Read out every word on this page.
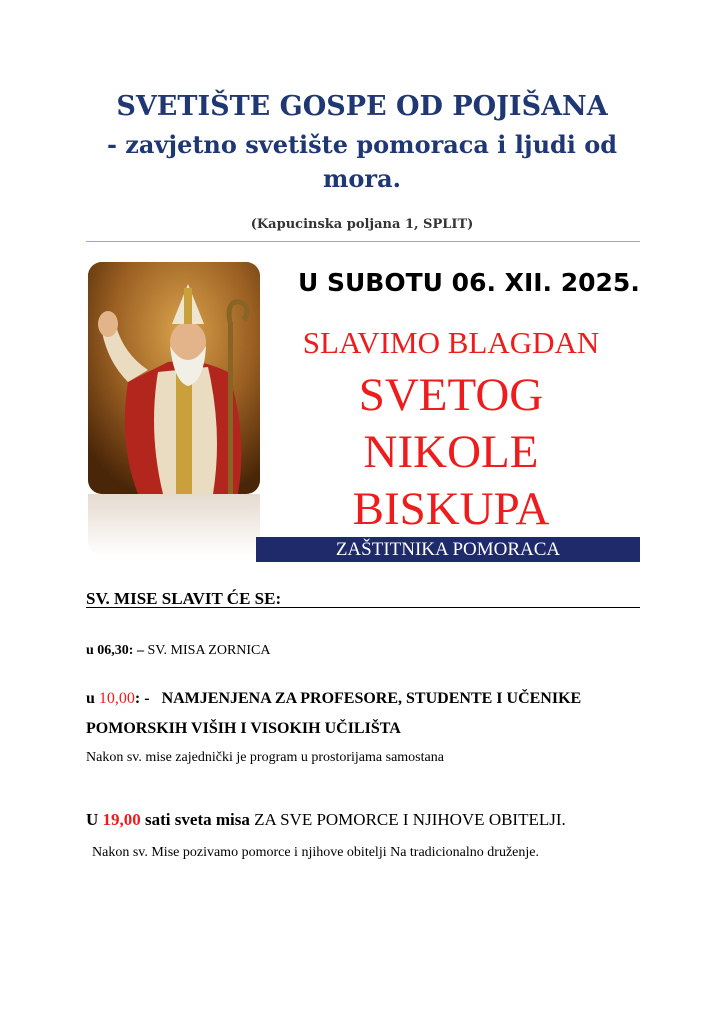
SVETIŠTE GOSPE OD POJIŠANA
- zavjetno svetište pomoraca i ljudi od mora.
(Kapucinska poljana 1, SPLIT)
U SUBOTU 06. XII. 2025.
SLAVIMO BLAGDAN
SVETOG
NIKOLE
BISKUPA
ZAŠTITNIKA POMORACA
SV. MISE SLAVIT ĆE SE:
u 06,30: – SV. MISA ZORNICA
u 10,00: - NAMJENJENA ZA PROFESORE, STUDENTE I UČENIKE POMORSKIH VIŠIH I VISOKIH UČILIŠTA
Nakon sv. mise zajednički je program u prostorijama samostana
U 19,00 sati sveta misa ZA SVE POMORCE I NJIHOVE OBITELJI.
Nakon sv. Mise pozivamo pomorce i njihove obitelji Na tradicionalno druženje.
